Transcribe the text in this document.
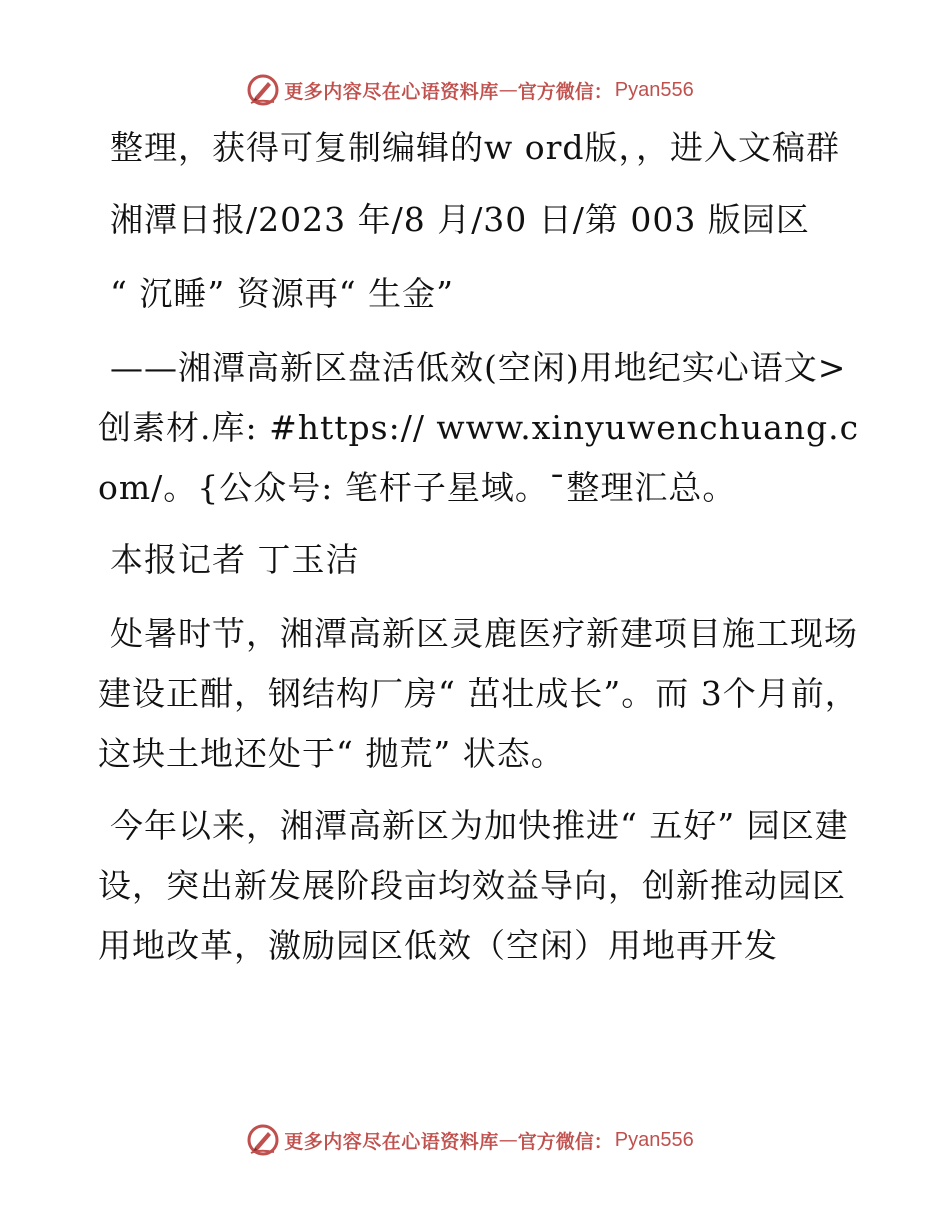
更多内容尽在心语资料库 — 官方微信： Pyan556

整理，获得可复制编辑的w ord版，，进入文稿群

湘潭日报/2023 年/8 月/30 日/第 003 版园区

“ 沉睡” 资源再“ 生金”

——湘潭高新区盘活低效(空闲)用地纪实心语文>创素材.库: #https:// www.xinyuwenchuang.com/。{公众号: 笔杆子星域。¯整理汇总。

本报记者 丁玉洁

处暑时节，湘潭高新区灵鹿医疗新建项目施工现场建设正酣，钢结构厂房“ 茁壮成长”。而 3个月前，这块土地还处于“ 抛荒” 状态。

今年以来，湘潭高新区为加快推进“ 五好” 园区建设，突出新发展阶段亩均效益导向，创新推动园区用地改革，激励园区低效（空闲）用地再开发

更多内容尽在心语资料库 — 官方微信： Pyan556
